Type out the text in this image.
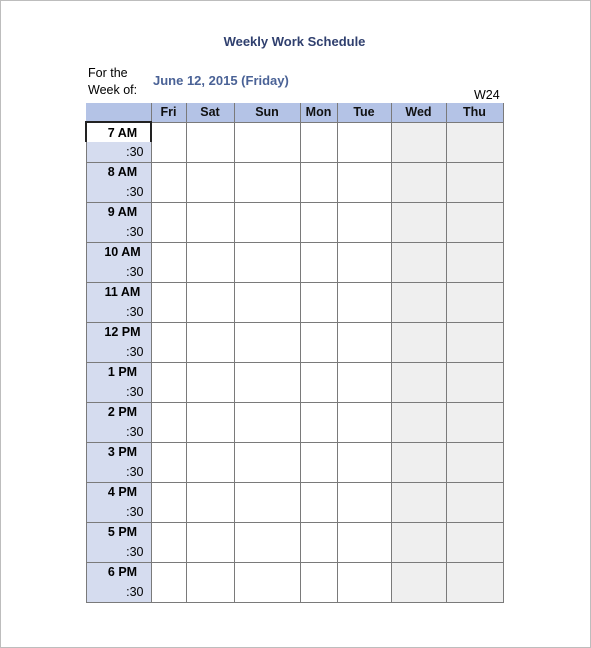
Weekly Work Schedule
For the
Week of:
June 12, 2015 (Friday)
W24
	Fri	Sat	Sun	Mon	Tue	Wed	Thu
7 AM							
:30							
8 AM							
:30							
9 AM							
:30							
10 AM							
:30							
11 AM							
:30							
12 PM							
:30							
1 PM							
:30							
2 PM							
:30							
3 PM							
:30							
4 PM							
:30							
5 PM							
:30							
6 PM							
:30							
